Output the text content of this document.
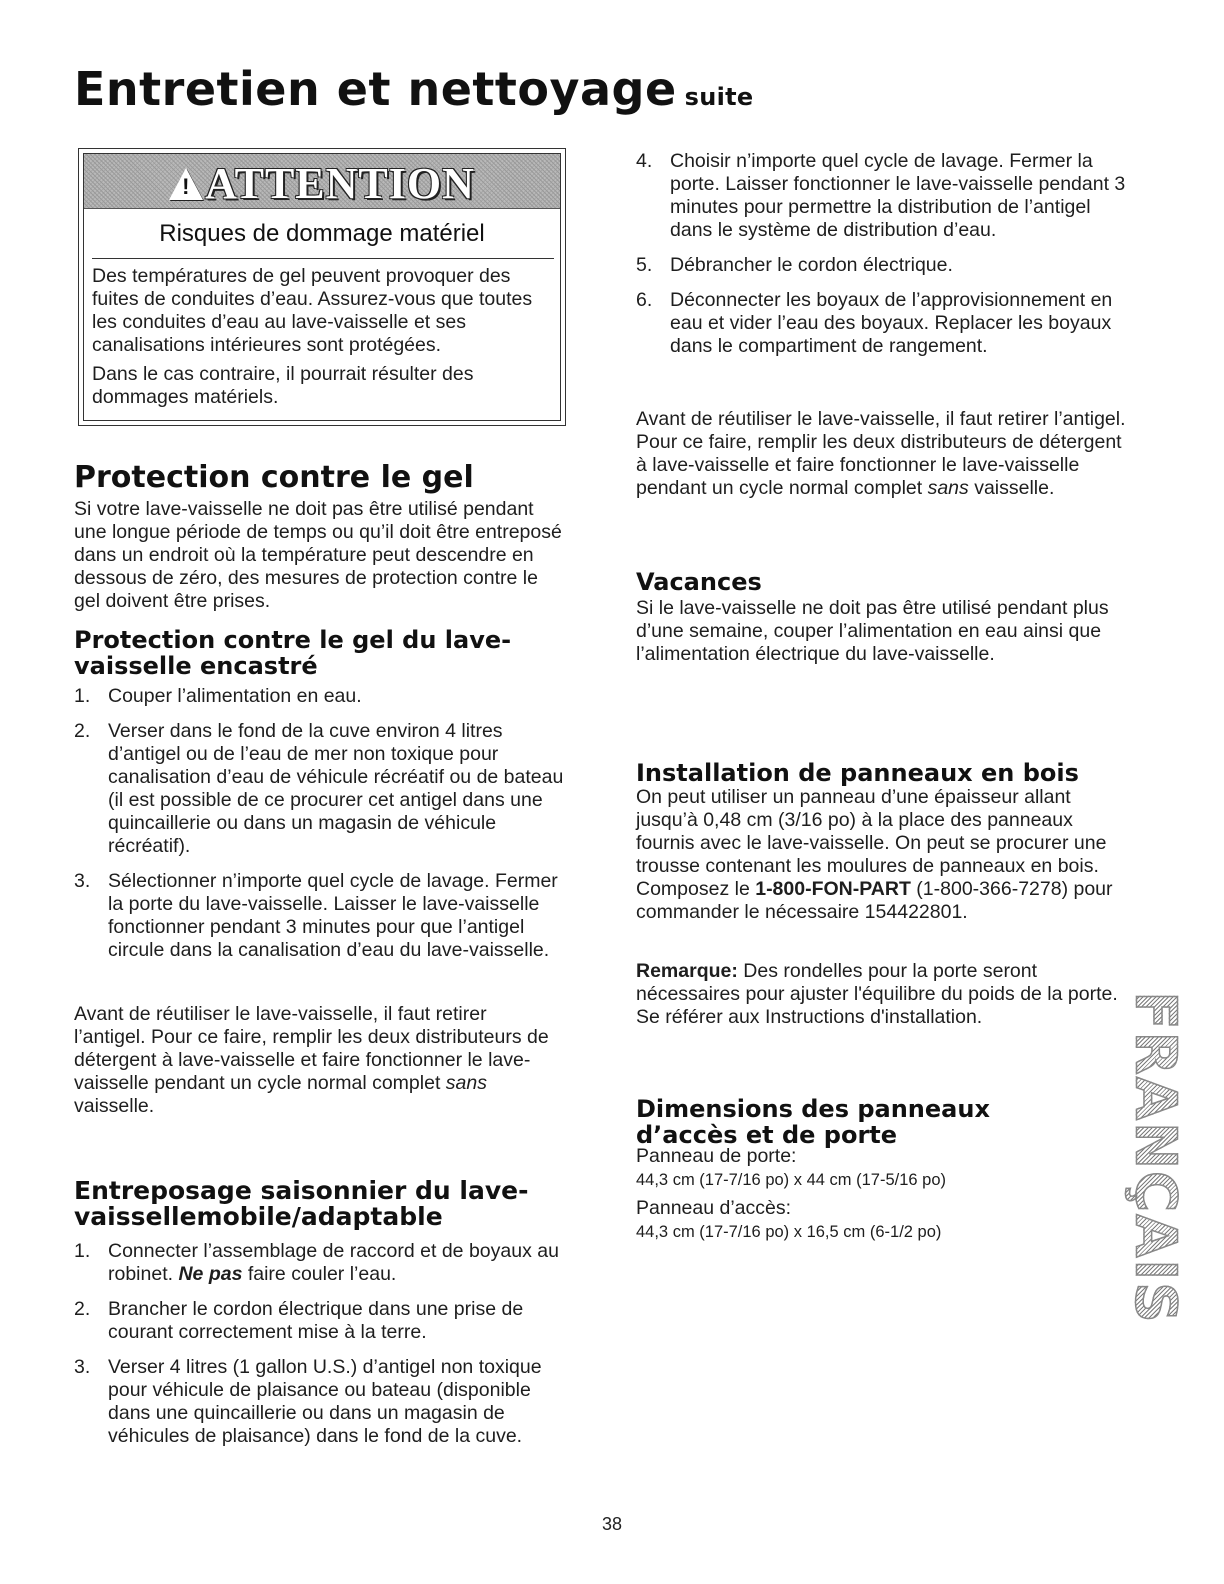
Entretien et nettoyage suite
! ATTENTION
Risques de dommage matériel

Des températures de gel peuvent provoquer des fuites de conduites d’eau. Assurez-vous que toutes les conduites d’eau au lave-vaisselle et ses canalisations intérieures sont protégées.

Dans le cas contraire, il pourrait résulter des dommages matériels.

Protection contre le gel

Si votre lave-vaisselle ne doit pas être utilisé pendant une longue période de temps ou qu’il doit être entreposé dans un endroit où la température peut descendre en dessous de zéro, des mesures de protection contre le gel doivent être prises.

Protection contre le gel du lave-vaisselle encastré
1. Couper l’alimentation en eau.
2. Verser dans le fond de la cuve environ 4 litres d’antigel ou de l’eau de mer non toxique pour canalisation d’eau de véhicule récréatif ou de bateau (il est possible de ce procurer cet antigel dans une quincaillerie ou dans un magasin de véhicule récréatif).
3. Sélectionner n’importe quel cycle de lavage. Fermer la porte du lave-vaisselle. Laisser le lave-vaisselle fonctionner pendant 3 minutes pour que l’antigel circule dans la canalisation d’eau du lave-vaisselle.

Avant de réutiliser le lave-vaisselle, il faut retirer l’antigel. Pour ce faire, remplir les deux distributeurs de détergent à lave-vaisselle et faire fonctionner le lave-vaisselle pendant un cycle normal complet sans vaisselle.

Entreposage saisonnier du lave-vaissellemobile/adaptable
1. Connecter l’assemblage de raccord et de boyaux au robinet. Ne pas faire couler l’eau.
2. Brancher le cordon électrique dans une prise de courant correctement mise à la terre.
3. Verser 4 litres (1 gallon U.S.) d’antigel non toxique pour véhicule de plaisance ou bateau (disponible dans une quincaillerie ou dans un magasin de véhicules de plaisance) dans le fond de la cuve.
4. Choisir n’importe quel cycle de lavage. Fermer la porte. Laisser fonctionner le lave-vaisselle pendant 3 minutes pour permettre la distribution de l’antigel dans le système de distribution d’eau.
5. Débrancher le cordon électrique.
6. Déconnecter les boyaux de l’approvisionnement en eau et vider l’eau des boyaux. Replacer les boyaux dans le compartiment de rangement.

Avant de réutiliser le lave-vaisselle, il faut retirer l’antigel. Pour ce faire, remplir les deux distributeurs de détergent à lave-vaisselle et faire fonctionner le lave-vaisselle pendant un cycle normal complet sans vaisselle.

Vacances

Si le lave-vaisselle ne doit pas être utilisé pendant plus d’une semaine, couper l’alimentation en eau ainsi que l’alimentation électrique du lave-vaisselle.

Installation de panneaux en bois

On peut utiliser un panneau d’une épaisseur allant jusqu’à 0,48 cm (3/16 po) à la place des panneaux fournis avec le lave-vaisselle. On peut se procurer une trousse contenant les moulures de panneaux en bois. Composez le 1-800-FON-PART (1-800-366-7278) pour commander le nécessaire 154422801.

Remarque: Des rondelles pour la porte seront nécessaires pour ajuster l'équilibre du poids de la porte. Se référer aux Instructions d'installation.

Dimensions des panneaux d’accès et de porte

Panneau de porte:

44,3 cm (17-7/16 po) x 44 cm (17-5/16 po)

Panneau d’accès:

44,3 cm (17-7/16 po) x 16,5 cm (6-1/2 po)	FRANÇAIS
38
